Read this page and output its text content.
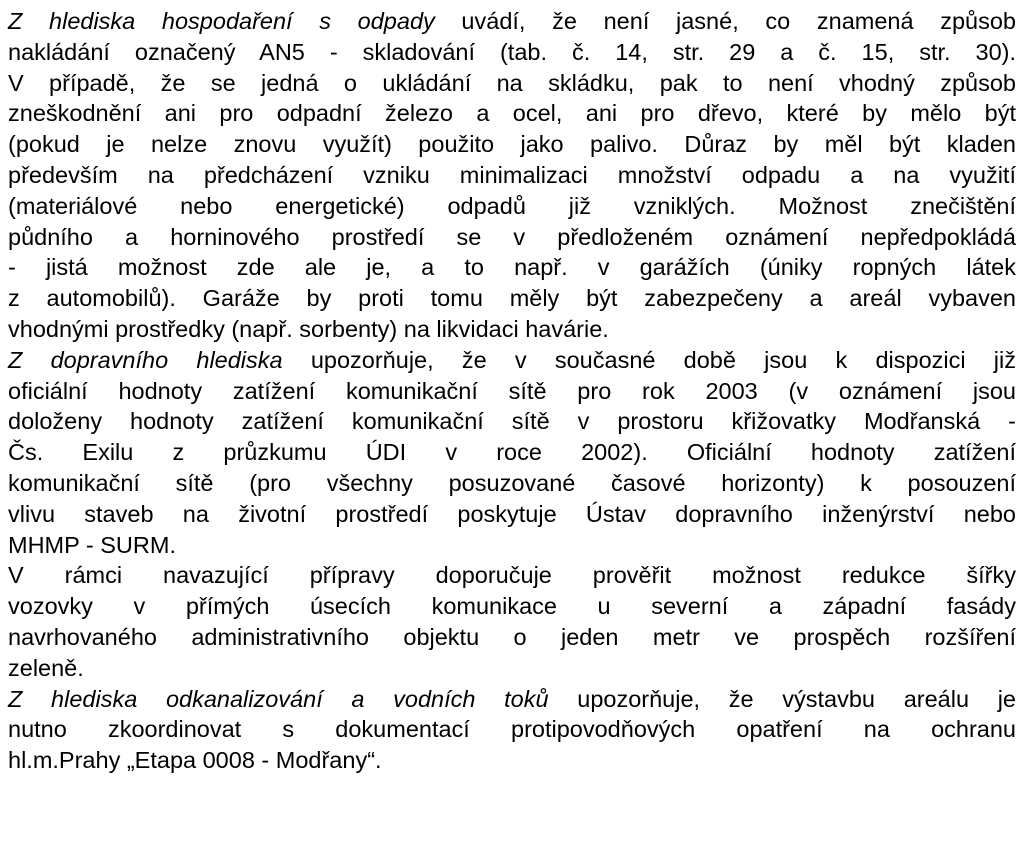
Z hlediska hospodaření s odpady uvádí, že není jasné, co znamená způsob
nakládání označený AN5 - skladování (tab. č. 14, str. 29 a č. 15, str. 30).
V případě, že se jedná o ukládání na skládku, pak to není vhodný způsob
zneškodnění ani pro odpadní železo a ocel, ani pro dřevo, které by mělo být
(pokud je nelze znovu využít) použito jako palivo. Důraz by měl být kladen
především na předcházení vzniku minimalizaci množství odpadu a na využití
(materiálové nebo energetické) odpadů již vzniklých. Možnost znečištění
půdního a horninového prostředí se v předloženém oznámení nepředpokládá
- jistá možnost zde ale je, a to např. v garážích (úniky ropných látek
z automobilů). Garáže by proti tomu měly být zabezpečeny a areál vybaven
vhodnými prostředky (např. sorbenty) na likvidaci havárie.
Z dopravního hlediska upozorňuje, že v současné době jsou k dispozici již
oficiální hodnoty zatížení komunikační sítě pro rok 2003 (v oznámení jsou
doloženy hodnoty zatížení komunikační sítě v prostoru křižovatky Modřanská -
Čs. Exilu z průzkumu ÚDI v roce 2002). Oficiální hodnoty zatížení
komunikační sítě (pro všechny posuzované časové horizonty) k posouzení
vlivu staveb na životní prostředí poskytuje Ústav dopravního inženýrství nebo
MHMP - SURM.
V rámci navazující přípravy doporučuje prověřit možnost redukce šířky
vozovky v přímých úsecích komunikace u severní a západní fasády
navrhovaného administrativního objektu o jeden metr ve prospěch rozšíření
zeleně.
Z hlediska odkanalizování a vodních toků upozorňuje, že výstavbu areálu je
nutno zkoordinovat s dokumentací protipovodňových opatření na ochranu
hl.m.Prahy „Etapa 0008 - Modřany“.
